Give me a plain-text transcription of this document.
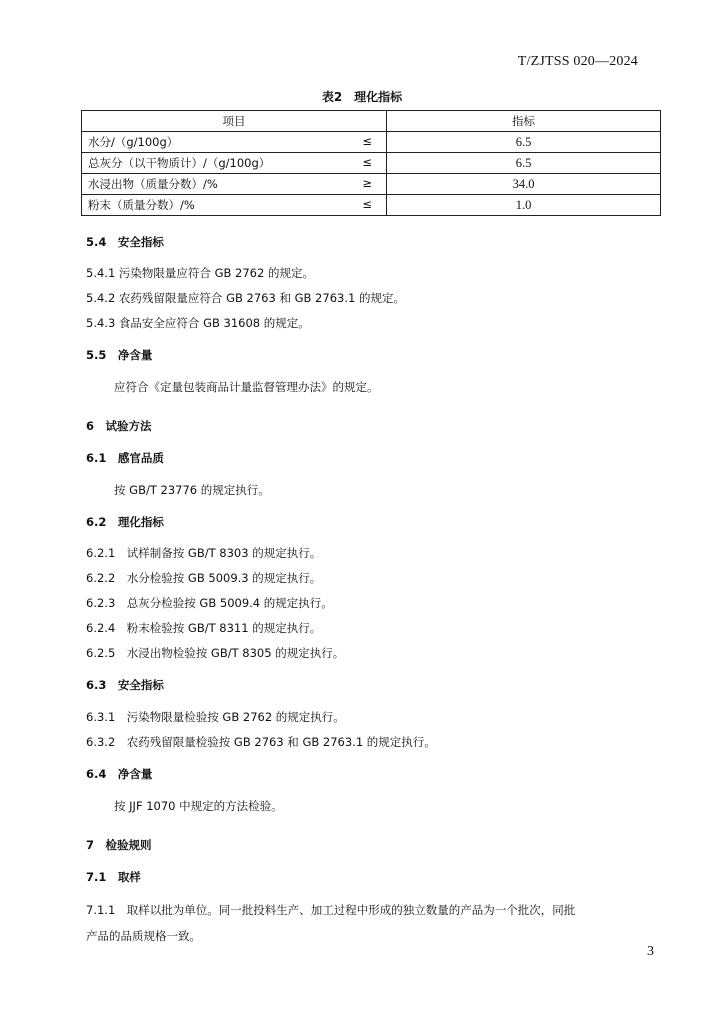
T/ZJTSS 020—2024
表2　理化指标
项目	指标
水分/（g/100g） ≤	6.5
总灰分（以干物质计）/（g/100g） ≤	6.5
水浸出物（质量分数）/% ≥	34.0
粉末（质量分数）/% ≤	1.0
5.4　安全指标
5.4.1 污染物限量应符合 GB 2762 的规定。
5.4.2 农药残留限量应符合 GB 2763 和 GB 2763.1 的规定。
5.4.3 食品安全应符合 GB 31608 的规定。
5.5　净含量
应符合《定量包装商品计量监督管理办法》的规定。
6　试验方法
6.1　感官品质
按 GB/T 23776 的规定执行。
6.2　理化指标
6.2.1　试样制备按 GB/T 8303 的规定执行。
6.2.2　水分检验按 GB 5009.3 的规定执行。
6.2.3　总灰分检验按 GB 5009.4 的规定执行。
6.2.4　粉末检验按 GB/T 8311 的规定执行。
6.2.5　水浸出物检验按 GB/T 8305 的规定执行。
6.3　安全指标
6.3.1　污染物限量检验按 GB 2762 的规定执行。
6.3.2　农药残留限量检验按 GB 2763 和 GB 2763.1 的规定执行。
6.4　净含量
按 JJF 1070 中规定的方法检验。
7　检验规则
7.1　取样
7.1.1　取样以批为单位。同一批投料生产、加工过程中形成的独立数量的产品为一个批次，同批
产品的品质规格一致。
3
